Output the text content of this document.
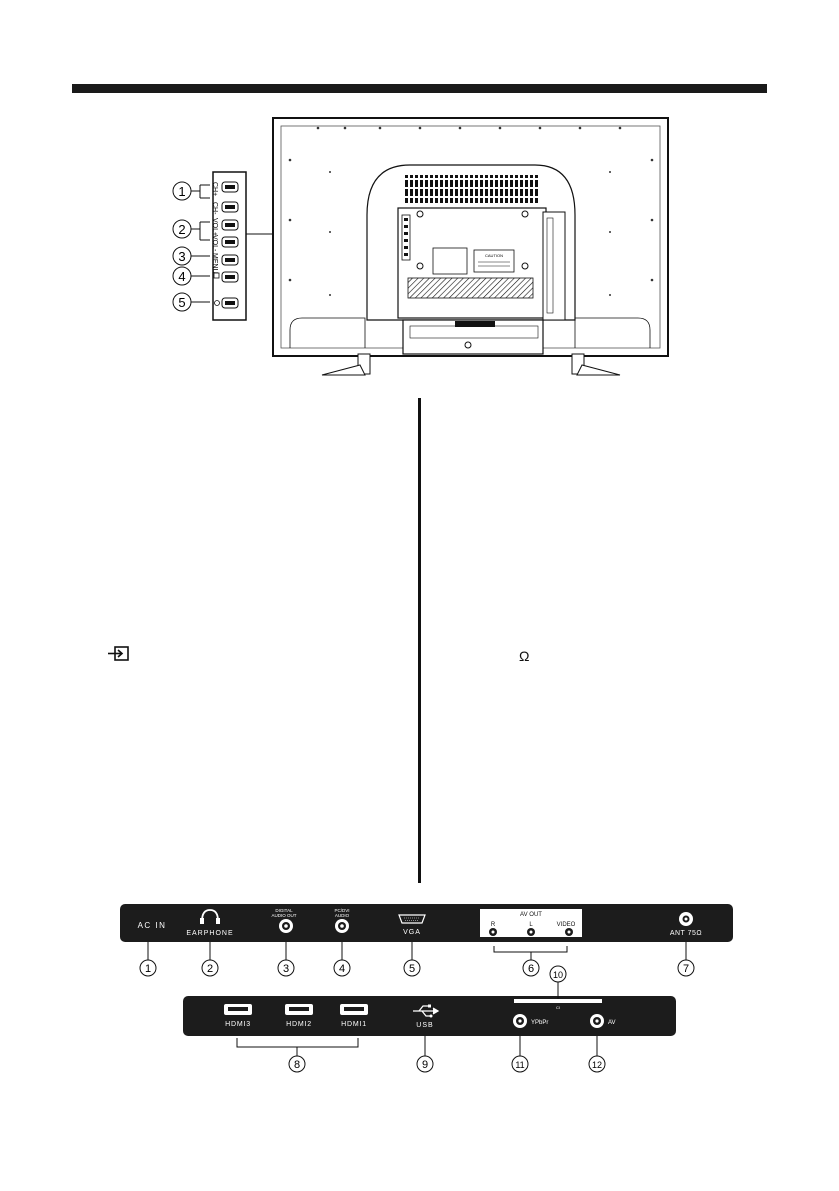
CH+
CH-
VOL+
VOL-
MENU
1
2
3
4
5
CAUTION
Ω
AC IN
EARPHONE
DIGITAL
AUDIO OUT
PC/DVI
AUDIO
VGA
AV OUT
R	L	VIDEO
ANT 75Ω
1	2	3	4	5	6	7
10
CI
HDMI3	HDMI2	HDMI1	USB	YPbPr	AV
8	9	11	12
